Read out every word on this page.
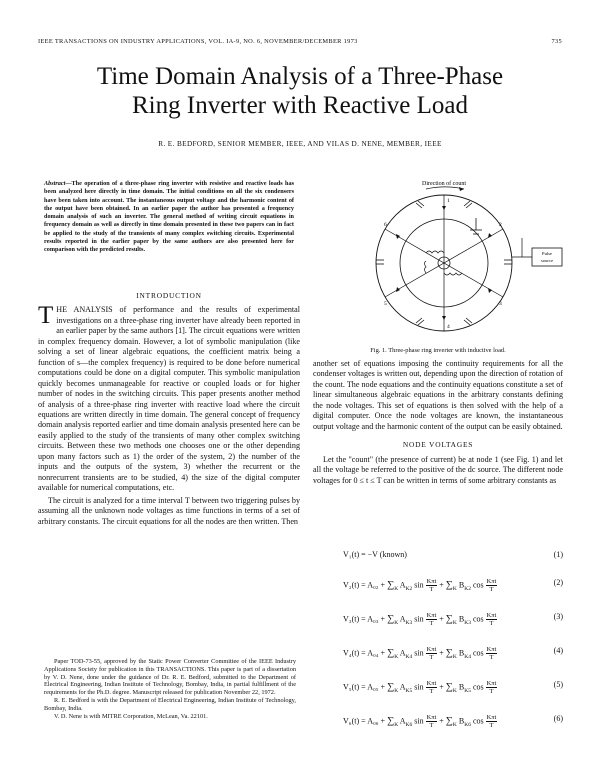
IEEE TRANSACTIONS ON INDUSTRY APPLICATIONS, VOL. IA-9, NO. 6, NOVEMBER/DECEMBER 1973	735
Time Domain Analysis of a Three-Phase
Ring Inverter with Reactive Load
R. E. BEDFORD, SENIOR MEMBER, IEEE, AND VILAS D. NENE, MEMBER, IEEE
Abstract—The operation of a three-phase ring inverter with resistive and reactive loads has been analyzed here directly in time domain. The initial conditions on all the six condensers have been taken into account. The instantaneous output voltage and the harmonic content of the output have been obtained. In an earlier paper the author has presented a frequency domain analysis of such an inverter. The general method of writing circuit equations in frequency domain as well as directly in time domain presented in these two papers can in fact be applied to the study of the transients of many complex switching circuits. Experimental results reported in the earlier paper by the same authors are also presented here for comparison with the predicted results.
INTRODUCTION
THE ANALYSIS of performance and the results of experimental investigations on a three-phase ring inverter have already been reported in an earlier paper by the same authors [1]. The circuit equations were written in complex frequency domain. However, a lot of symbolic manipulation (like solving a set of linear algebraic equations, the coefficient matrix being a function of s—the complex frequency) is required to be done before numerical computations could be done on a digital computer. This symbolic manipulation quickly becomes unmanageable for reactive or coupled loads or for higher number of nodes in the switching circuits. This paper presents another method of analysis of a three-phase ring inverter with reactive load where the circuit equations are written directly in time domain. The general concept of frequency domain analysis reported earlier and time domain analysis presented here can be easily applied to the study of the transients of many other complex switching circuits. Between these two methods one chooses one or the other depending upon many factors such as 1) the order of the system, 2) the number of the inputs and the outputs of the system, 3) whether the recurrent or the nonrecurrent transients are to be studied, 4) the size of the digital computer available for numerical computations, etc.

The circuit is analyzed for a time interval T between two triggering pulses by assuming all the unknown node voltages as time functions in terms of a set of arbitrary constants. The circuit equations for all the nodes are then written. Then

Paper TOD-73-55, approved by the Static Power Converter Committee of the IEEE Industry Applications Society for publication in this TRANSACTIONS. This paper is part of a dissertation by V. D. Nene, done under the guidance of Dr. R. E. Bedford, submitted to the Department of Electrical Engineering, Indian Institute of Technology, Bombay, India, in partial fulfillment of the requirements for the Ph.D. degree. Manuscript released for publication November 22, 1972.

R. E. Bedford is with the Department of Electrical Engineering, Indian Institute of Technology, Bombay, India.

V. D. Nene is with MITRE Corporation, McLean, Va. 22101.

Direction of count
1
2
3
4
5
6
Pulse
source
Fig. 1. Three-phase ring inverter with inductive load.

another set of equations imposing the continuity requirements for all the condenser voltages is written out, depending upon the direction of rotation of the count. The node equations and the continuity equations constitute a set of linear simultaneous algebraic equations in the arbitrary constants defining the node voltages. This set of equations is then solved with the help of a digital computer. Once the node voltages are known, the instantaneous output voltage and the harmonic content of the output can be easily obtained.

NODE VOLTAGES

Let the "count" (the presence of current) be at node 1 (see Fig. 1) and let all the voltage be referred to the positive of the dc source. The different node voltages for 0 ≤ t ≤ T can be written in terms of some arbitrary constants as

V₁(t) = −V (known)	(1)
$V_2(t) = A_{02} + \sum_K$ $A_{K2}$ $\sin \frac{\text{Kπt}}{T} + \sum_K$ $B_{K2}$ $\cos \frac{\text{Kπt}}{T}$	(2)
$V_3(t) = A_{03} + \sum_K$ $A_{K3}$ $\sin \frac{\text{Kπt}}{T} + \sum_K$ $B_{K3}$ $\cos \frac{\text{Kπt}}{T}$	(3)
$V_4(t) = A_{04} + \sum_K$ $A_{K4}$ $\sin \frac{\text{Kπt}}{T} + \sum_K$ $B_{K4}$ $\cos \frac{\text{Kπt}}{T}$	(4)
$V_5(t) = A_{05} + \sum_K$ $A_{K5}$ $\sin \frac{\text{Kπt}}{T} + \sum_K$ $B_{K5}$ $\cos \frac{\text{Kπt}}{T}$	(5)
$V_6(t) = A_{06} + \sum_K$ $A_{K6}$ $\sin \frac{\text{Kπt}}{T} + \sum_K$ $B_{K6}$ $\cos \frac{\text{Kπt}}{T}$	(6)
